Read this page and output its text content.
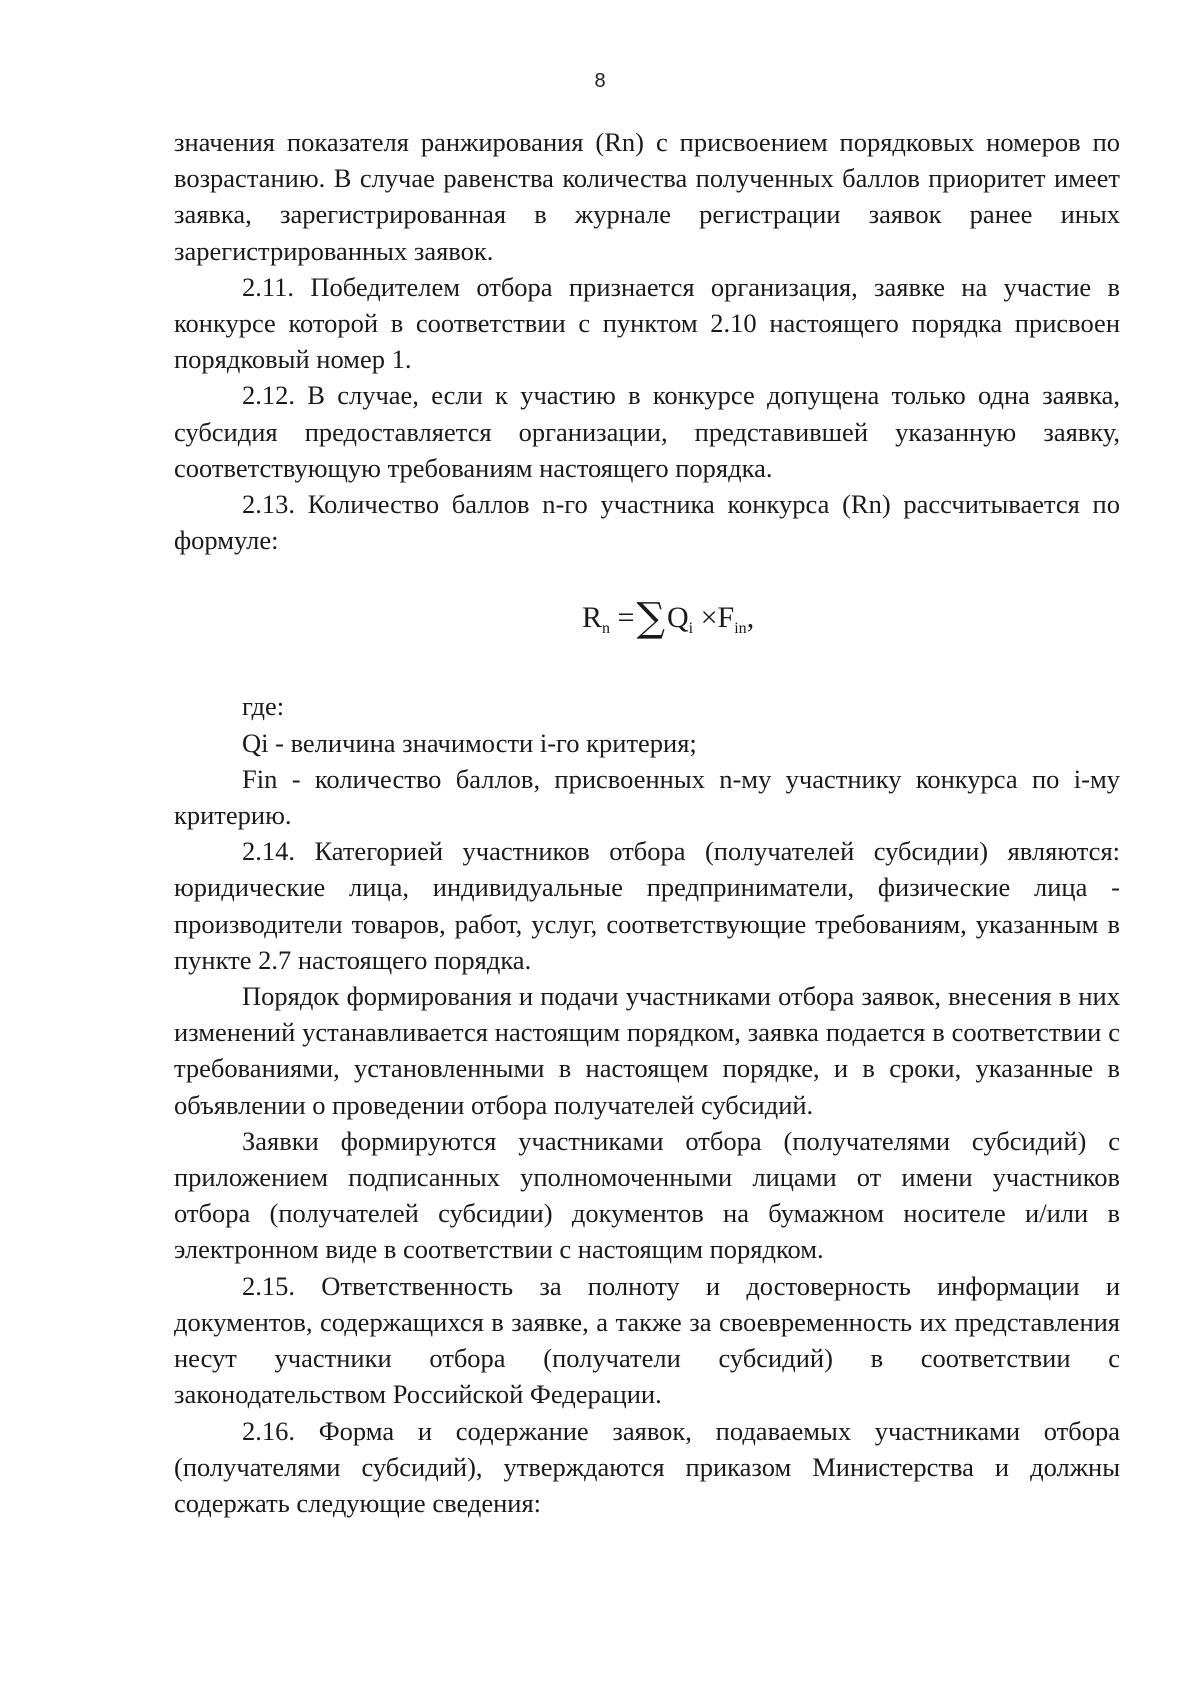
8

значения показателя ранжирования (Rn) с присвоением порядковых номеров по возрастанию. В случае равенства количества полученных баллов приоритет имеет заявка, зарегистрированная в журнале регистрации заявок ранее иных зарегистрированных заявок.

2.11. Победителем отбора признается организация, заявке на участие в конкурсе которой в соответствии с пунктом 2.10 настоящего порядка присвоен порядковый номер 1.

2.12. В случае, если к участию в конкурсе допущена только одна заявка, субсидия предоставляется организации, представившей указанную заявку, соответствующую требованиям настоящего порядка.

2.13. Количество баллов n-го участника конкурса (Rn) рассчитывается по формуле:

$R_n =\sum Q_i \times F_{in}$,

где:

Qi - величина значимости i-го критерия;

Fin - количество баллов, присвоенных n-му участнику конкурса по i-му критерию.

2.14. Категорией участников отбора (получателей субсидии) являются: юридические лица, индивидуальные предприниматели, физические лица - производители товаров, работ, услуг, соответствующие требованиям, указанным в пункте 2.7 настоящего порядка.

Порядок формирования и подачи участниками отбора заявок, внесения в них изменений устанавливается настоящим порядком, заявка подается в соответствии с требованиями, установленными в настоящем порядке, и в сроки, указанные в объявлении о проведении отбора получателей субсидий.

Заявки формируются участниками отбора (получателями субсидий) с приложением подписанных уполномоченными лицами от имени участников отбора (получателей субсидии) документов на бумажном носителе и/или в электронном виде в соответствии с настоящим порядком.

2.15. Ответственность за полноту и достоверность информации и документов, содержащихся в заявке, а также за своевременность их представления несут участники отбора (получатели субсидий) в соответствии с законодательством Российской Федерации.

2.16. Форма и содержание заявок, подаваемых участниками отбора (получателями субсидий), утверждаются приказом Министерства и должны содержать следующие сведения:
